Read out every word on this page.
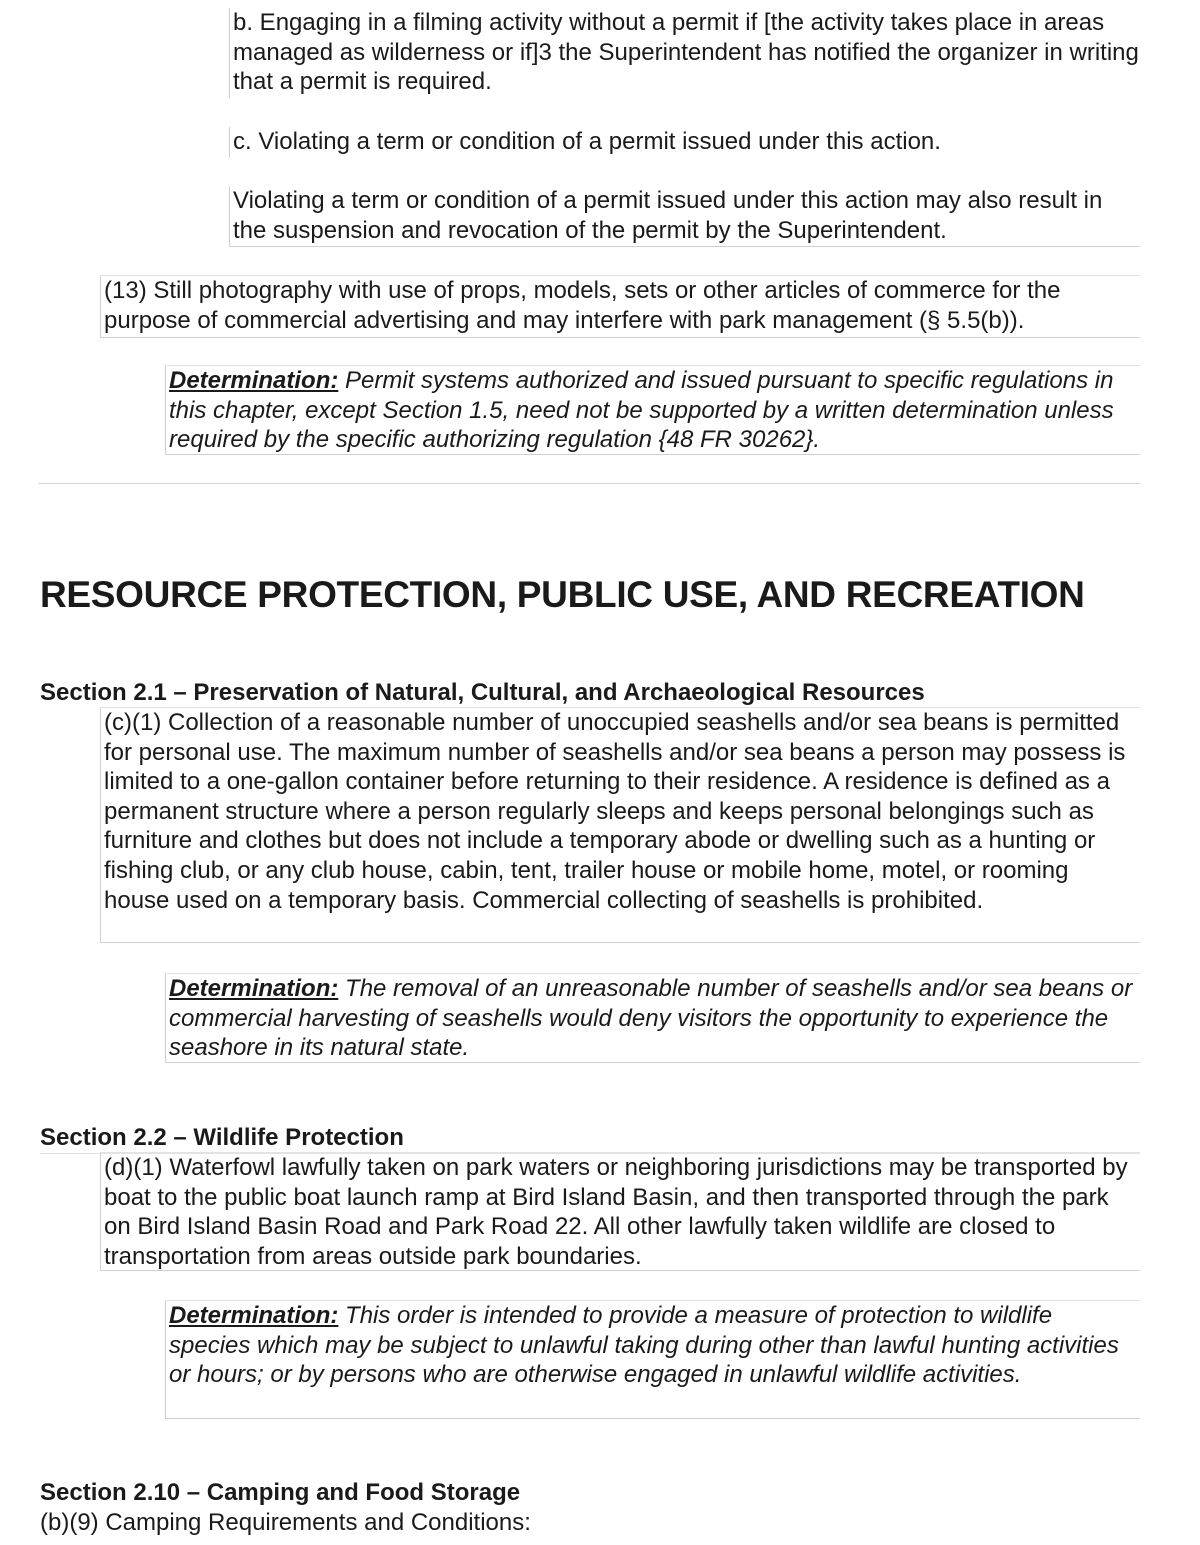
b. Engaging in a filming activity without a permit if [the activity takes place in areas managed as wilderness or if]3 the Superintendent has notified the organizer in writing that a permit is required.

c. Violating a term or condition of a permit issued under this action.

Violating a term or condition of a permit issued under this action may also result in the suspension and revocation of the permit by the Superintendent.

(13) Still photography with use of props, models, sets or other articles of commerce for the purpose of commercial advertising and may interfere with park management (§ 5.5(b)).

Determination: Permit systems authorized and issued pursuant to specific regulations in this chapter, except Section 1.5, need not be supported by a written determination unless required by the specific authorizing regulation {48 FR 30262}.

RESOURCE PROTECTION, PUBLIC USE, AND RECREATION
Section 2.1 – Preservation of Natural, Cultural, and Archaeological Resources

(c)(1) Collection of a reasonable number of unoccupied seashells and/or sea beans is permitted for personal use. The maximum number of seashells and/or sea beans a person may possess is limited to a one-gallon container before returning to their residence. A residence is defined as a permanent structure where a person regularly sleeps and keeps personal belongings such as furniture and clothes but does not include a temporary abode or dwelling such as a hunting or fishing club, or any club house, cabin, tent, trailer house or mobile home, motel, or rooming house used on a temporary basis. Commercial collecting of seashells is prohibited.

Determination: The removal of an unreasonable number of seashells and/or sea beans or commercial harvesting of seashells would deny visitors the opportunity to experience the seashore in its natural state.

Section 2.2 – Wildlife Protection

(d)(1) Waterfowl lawfully taken on park waters or neighboring jurisdictions may be transported by boat to the public boat launch ramp at Bird Island Basin, and then transported through the park on Bird Island Basin Road and Park Road 22. All other lawfully taken wildlife are closed to transportation from areas outside park boundaries.

Determination: This order is intended to provide a measure of protection to wildlife species which may be subject to unlawful taking during other than lawful hunting activities or hours; or by persons who are otherwise engaged in unlawful wildlife activities.

Section 2.10 – Camping and Food Storage
(b)(9) Camping Requirements and Conditions:
